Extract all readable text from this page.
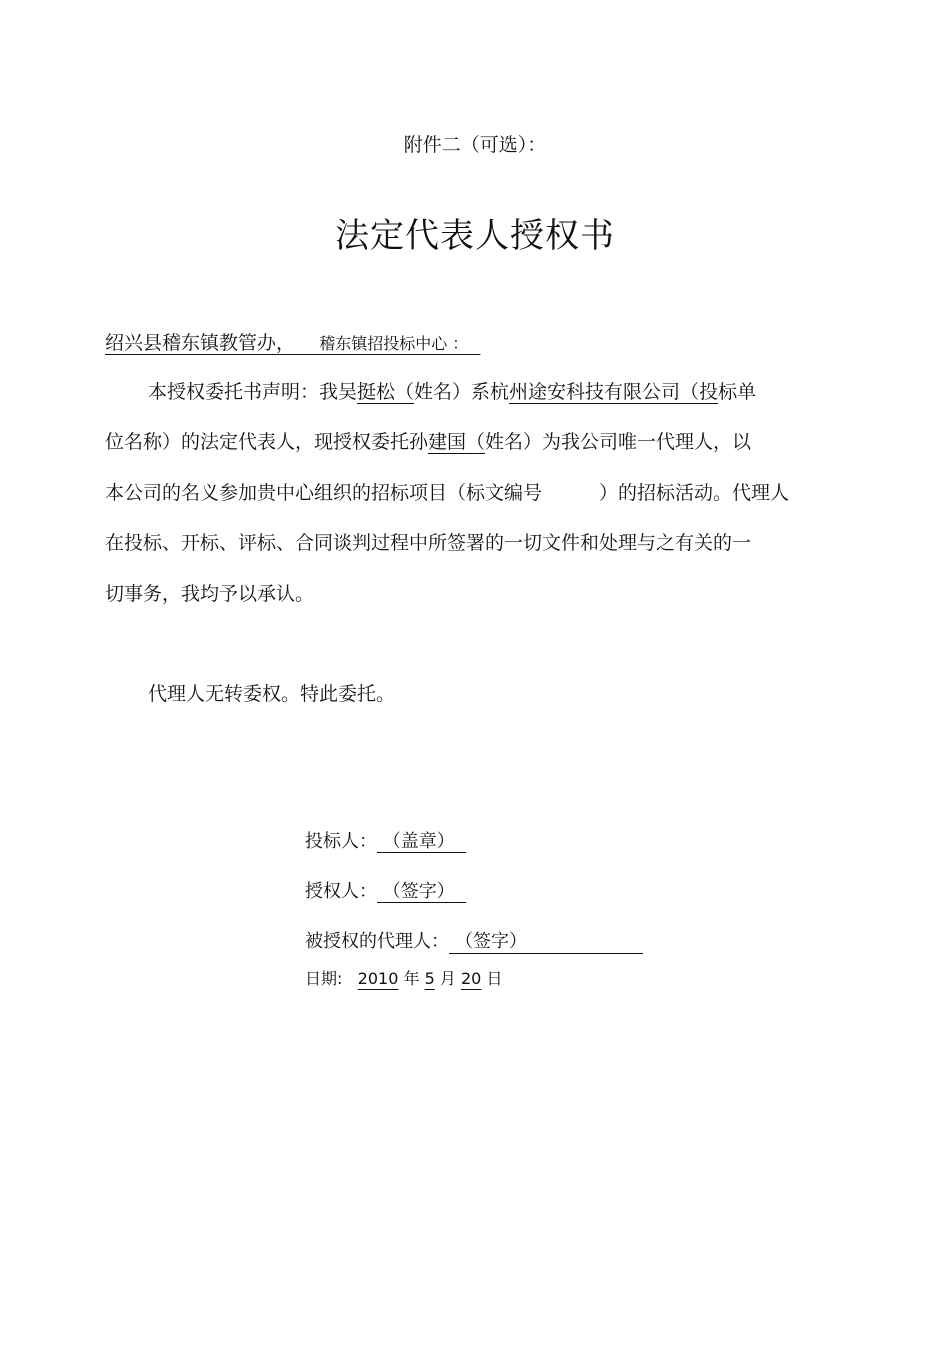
附件二（可选）：
法定代表人授权书
绍兴县稽东镇教管办， 稽东镇招投标中心 ：
本授权委托书声明：我吴挺松（姓名）系杭州途安科技有限公司（投标单
位名称）的法定代表人，现授权委托孙建国（姓名）为我公司唯一代理人，以
本公司的名义参加贵中心组织的招标项目（标文编号　　　）的招标活动。代理人
在投标、开标、评标、合同谈判过程中所签署的一切文件和处理与之有关的一
切事务，我均予以承认。
代理人无转委权。特此委托。
投标人： （盖章）
授权人： （签字）
被授权的代理人： （签字）
日期: 2010 年 5 月 20 日
